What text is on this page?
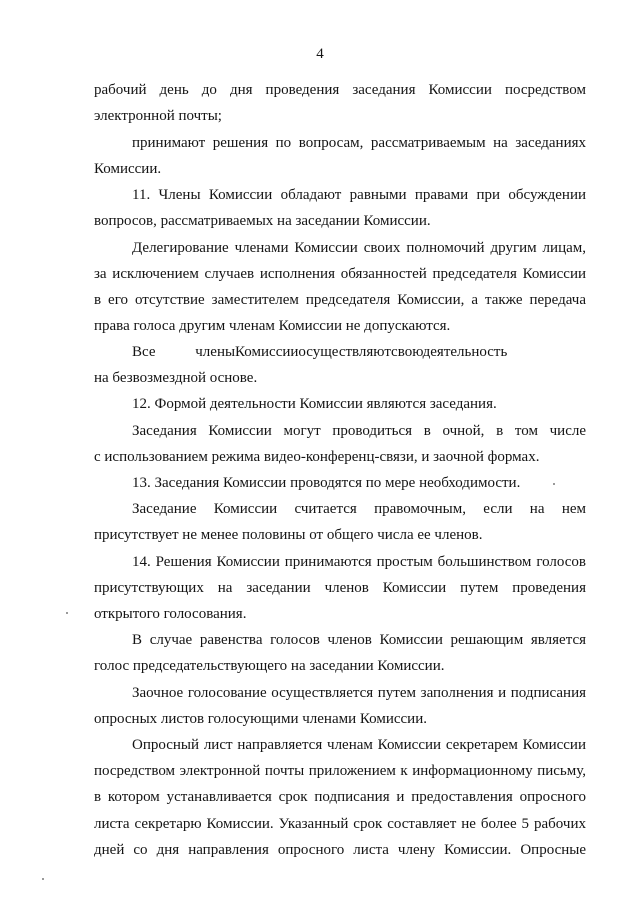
4
рабочий день до дня проведения заседания Комиссии посредством
электронной почты;
принимают решения по вопросам, рассматриваемым на заседаниях
Комиссии.
11. Члены Комиссии обладают равными правами при обсуждении
вопросов, рассматриваемых на заседании Комиссии.
Делегирование членами Комиссии своих полномочий другим лицам,
за исключением случаев исполнения обязанностей председателя Комиссии
в его отсутствие заместителем председателя Комиссии, а также передача
права голоса другим членам Комиссии не допускаются.
Все членыКомиссииосуществляютсвоюдеятельность
на безвозмездной основе.
12. Формой деятельности Комиссии являются заседания.
Заседания Комиссии могут проводиться в очной, в том числе
с использованием режима видео-конференц-связи, и заочной формах.
13. Заседания Комиссии проводятся по мере необходимости.
Заседание Комиссии считается правомочным, если на нем
присутствует не менее половины от общего числа ее членов.
14. Решения Комиссии принимаются простым большинством голосов
присутствующих на заседании членов Комиссии путем проведения
открытого голосования.
В случае равенства голосов членов Комиссии решающим является
голос председательствующего на заседании Комиссии.
Заочное голосование осуществляется путем заполнения и подписания
опросных листов голосующими членами Комиссии.
Опросный лист направляется членам Комиссии секретарем Комиссии
посредством электронной почты приложением к информационному письму,
в котором устанавливается срок подписания и предоставления опросного
листа секретарю Комиссии. Указанный срок составляет не более 5 рабочих
дней со дня направления опросного листа члену Комиссии. Опросные
